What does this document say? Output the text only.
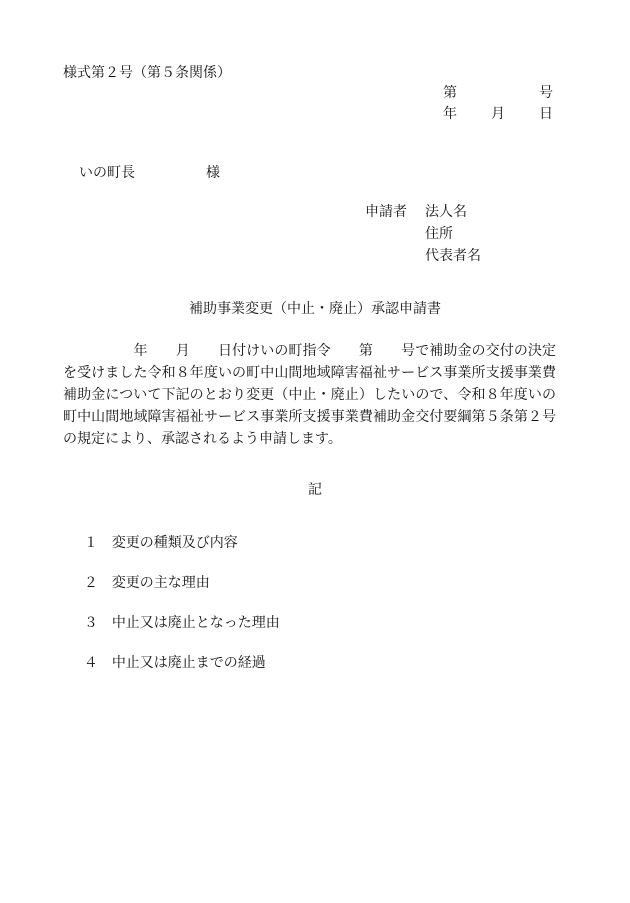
様式第２号（第５条関係）
第	号
年 月 日
いの町長	様
申請者 法人名
住所
代表者名
補助事業変更（中止・廃止）承認申請書
　　　　　年　　月　　日付けいの町指令　　第　　号で補助金の交付の決定を受けました令和８年度いの町中山間地域障害福祉サービス事業所支援事業費補助金について下記のとおり変更（中止・廃止）したいので、令和８年度いの町中山間地域障害福祉サービス事業所支援事業費補助金交付要綱第５条第２号の規定により、承認されるよう申請します。
記

１ 変更の種類及び内容

２ 変更の主な理由

３ 中止又は廃止となった理由

４ 中止又は廃止までの経過
